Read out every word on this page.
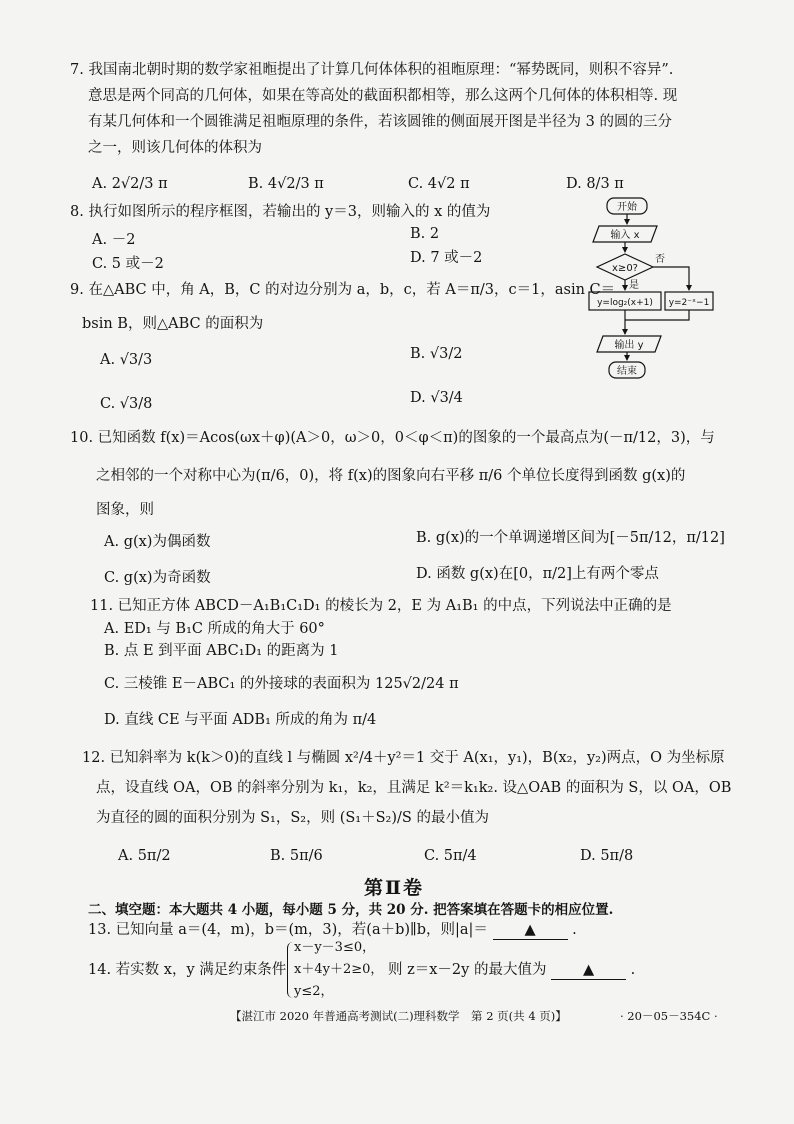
7. 我国南北朝时期的数学家祖暅提出了计算几何体体积的祖暅原理：“幂势既同，则积不容异”.
意思是两个同高的几何体，如果在等高处的截面积都相等，那么这两个几何体的体积相等. 现
有某几何体和一个圆锥满足祖暅原理的条件，若该圆锥的侧面展开图是半径为 3 的圆的三分
之一，则该几何体的体积为
A. 2√2/3 π	B. 4√2/3 π	C. 4√2 π	D. 8/3 π
8. 执行如图所示的程序框图，若输出的 y＝3，则输入的 x 的值为
A. －2	B. 2
C. 5 或－2	D. 7 或－2
开始
输入 x
x≥0?
否
是
y=log₂(x+1) y=2⁻ˣ−1
输出 y
结束
9. 在△ABC 中，角 A，B，C 的对边分别为 a，b，c，若 A＝π/3，c＝1，asin C＝
bsin B，则△ABC 的面积为
A. √3/3	B. √3/2
C. √3/8	D. √3/4
10. 已知函数 f(x)＝Acos(ωx＋φ)(A＞0，ω＞0，0＜φ＜π)的图象的一个最高点为(－π/12，3)，与
之相邻的一个对称中心为(π/6，0)，将 f(x)的图象向右平移 π/6 个单位长度得到函数 g(x)的
图象，则
A. g(x)为偶函数	B. g(x)的一个单调递增区间为[－5π/12，π/12]
C. g(x)为奇函数	D. 函数 g(x)在[0，π/2]上有两个零点
11. 已知正方体 ABCD－A₁B₁C₁D₁ 的棱长为 2，E 为 A₁B₁ 的中点，下列说法中正确的是
A. ED₁ 与 B₁C 所成的角大于 60°
B. 点 E 到平面 ABC₁D₁ 的距离为 1
C. 三棱锥 E－ABC₁ 的外接球的表面积为 125√2/24 π
D. 直线 CE 与平面 ADB₁ 所成的角为 π/4
12. 已知斜率为 k(k＞0)的直线 l 与椭圆 x²/4＋y²＝1 交于 A(x₁，y₁)，B(x₂，y₂)两点，O 为坐标原
点，设直线 OA，OB 的斜率分别为 k₁，k₂，且满足 k²＝k₁k₂. 设△OAB 的面积为 S，以 OA，OB
为直径的圆的面积分别为 S₁，S₂，则 (S₁＋S₂)/S 的最小值为
A. 5π/2	B. 5π/6	C. 5π/4	D. 5π/8
第Ⅱ卷
二、填空题：本大题共 4 小题，每小题 5 分，共 20 分. 把答案填在答题卡的相应位置.
13. 已知向量 a＝(4，m)，b＝(m，3)，若(a＋b)∥b，则|a|＝	▲	.
14. 若实数 x，y 满足约束条件
x－y－3≤0，
x＋4y＋2≥0，
y≤2，
则 z＝x－2y 的最大值为	▲	.
【湛江市 2020 年普通高考测试(二)理科数学　第 2 页(共 4 页)】	· 20－05－354C ·
